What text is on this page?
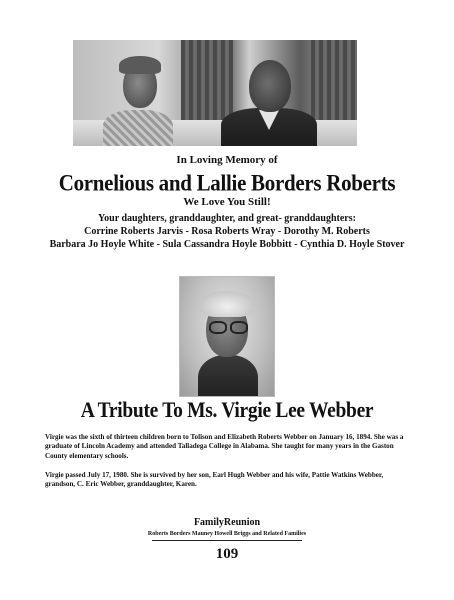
In Loving Memory of
Cornelious and Lallie Borders Roberts
We Love You Still!
Your daughters, granddaughter, and great- granddaughters:
Corrine Roberts Jarvis - Rosa Roberts Wray - Dorothy M. Roberts
Barbara Jo Hoyle White - Sula Cassandra Hoyle Bobbitt - Cynthia D. Hoyle Stover
A Tribute To Ms. Virgie Lee Webber
Virgie was the sixth of thirteen children born to Tolison and Elizabeth Roberts Webber on January 16, 1894. She was a graduate of Lincoln Academy and attended Talladega College in Alabama. She taught for many years in the Gaston County elementary schools.
Virgie passed July 17, 1980. She is survived by her son, Earl Hugh Webber and his wife, Pattie Watkins Webber, grandson, C. Eric Webber, granddaughter, Karen.
FamilyReunion
Roberts Borders Mauney Howell Briggs and Related Families
109
